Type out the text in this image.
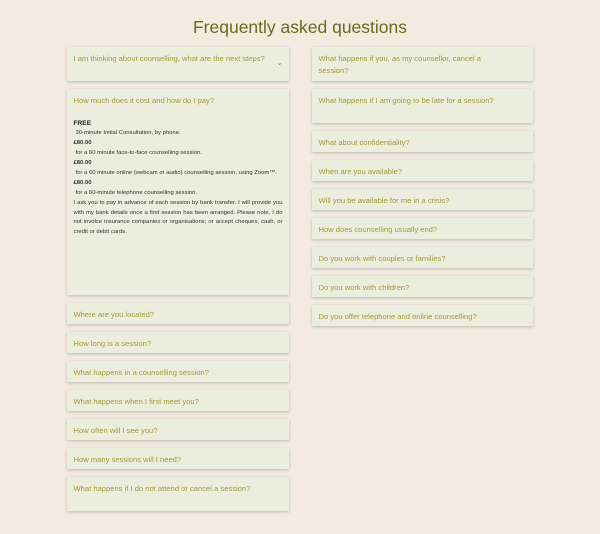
Frequently asked questions
I am thinking about counselling, what are the next steps?	⌄
How much does it cost and how do I pay?
FREE
30-minute Initial Consultation, by phone.
£80.00
for a 60 minute face-to-face counselling session.
£80.00
for a 60 minute online (webcam or audio) counselling session, using Zoom™.
£80.00
for a 60-minute telephone counselling session.
I ask you to pay in advance of each session by bank transfer. I will provide you with my bank details once a first session has been arranged. Please note, I do not invoice insurance companies or organisations; or accept cheques, cash, or credit or debit cards.
Where are you located?
How long is a session?
What happens in a counselling session?
What happens when I first meet you?
How often will I see you?
How many sessions will I need?
What happens if I do not attend or cancel a session?
What happens if you, as my counsellor, cancel a session?
What happens if I am going to be late for a session?
What about confidentiality?
When are you available?
Will you be available for me in a crisis?
How does counselling usually end?
Do you work with couples or families?
Do you work with children?
Do you offer telephone and online counselling?
